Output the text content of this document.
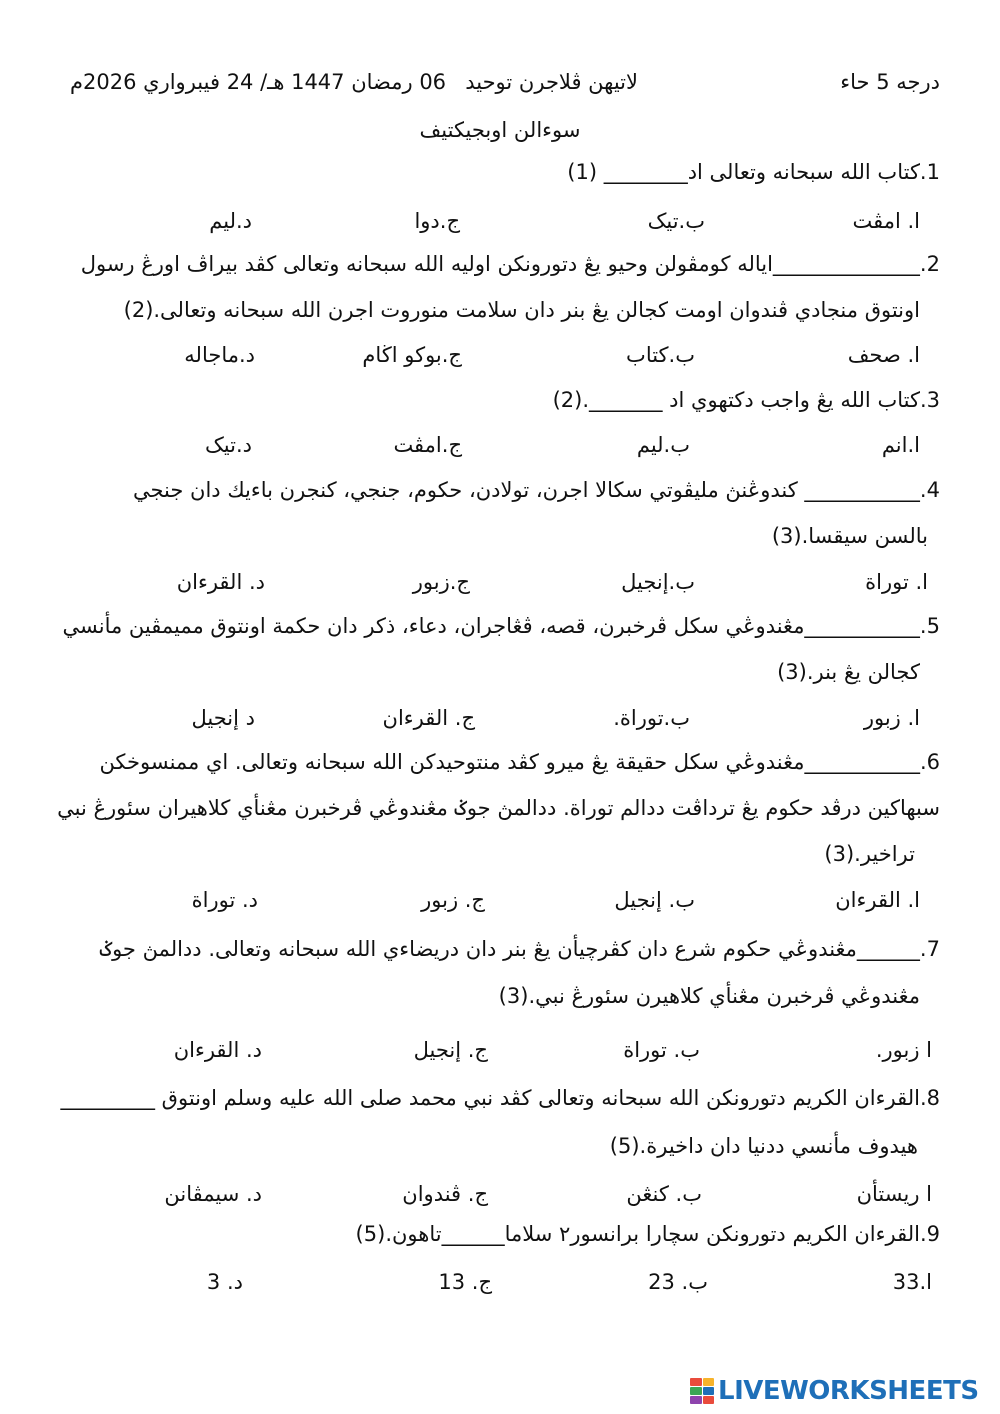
درجه 5 حاء
لاتيهن ڤلاجرن توحيد
06 رمضان 1447 هـ/ 24 فيبرواري 2026م
سوءالن اوبجيکتيف
1.کتاب الله سبحانه وتعالى اد________ (1)
ا. امڤت
ب.تيک
ج.دوا
د.ليم
2.______________اياله کومڤولن وحيو يڠ دتورونکن اوليه الله سبحانه وتعالى کڤد بيراڤ اورڠ رسول
اونتوق منجادي ڤندوان اومت کجالن يڠ بنر دان سلامت منوروت اجرن الله سبحانه وتعالى.(2)
ا. صحف
ب.کتاب
ج.بوکو اڬام
د.ماجاله
3.کتاب الله يڠ واجب دکتهوي اد _______.(2)
ا.انم
ب.ليم
ج.امڤت
د.تيک
4.___________ کندوڠنڽ مليڤوتي سکالا اجرن، تولادن، حکوم، جنجي، کنجرن باءيك دان جنجي
بالسن سيقسا.(3)
ا. توراة
ب.إنجيل
ج.زبور
د. القرءان
5.___________مڠندوڠي سکل ڤرخبرن، قصه، ڤڠاجران، دعاء، ذکر دان حکمة اونتوق مميمڤين مأنسي
کجالن يڠ بنر.(3)
ا. زبور
ب.توراة.
ج. القرءان
د إنجيل
6.___________مڠندوڠي سکل حقيقة يڠ ميرو کڤد منتوحيدکن الله سبحانه وتعالى. اي ممنسوخکن
سبهاکين درڤد حکوم يڠ ترداڤت ددالم توراة. ددالمڽ جوݢ مڠندوڠي ڤرخبرن مڠنأي کلاهيران سئورڠ نبي
تراخير.(3)
ا. القرءان
ب. إنجيل
ج. زبور
د. توراة
7.______مڠندوڠي حکوم شرع دان کڤرچيأن يڠ بنر دان دريضاءي الله سبحانه وتعالى. ددالمڽ جوݢ
مڠندوڠي ڤرخبرن مڠنأي کلاهيرن سئورڠ نبي.(3)
ا زبور.
ب. توراة
ج. إنجيل
د. القرءان
8.القرءان الكريم دتورونکن الله سبحانه وتعالى کڤد نبي محمد صلى الله عليه وسلم اونتوق _________
هيدوف مأنسي ددنيا دان داخيرة.(5)
ا ريستأن
ب. کنڠن
ج. ڤندوان
د. سيمڤانن
9.القرءان الكريم دتورونکن سچارا برانسور٢ سلاما______تاهون.(5)
ا.33
ب. 23
ج. 13
د. 3
LIVEWORKSHEETS
